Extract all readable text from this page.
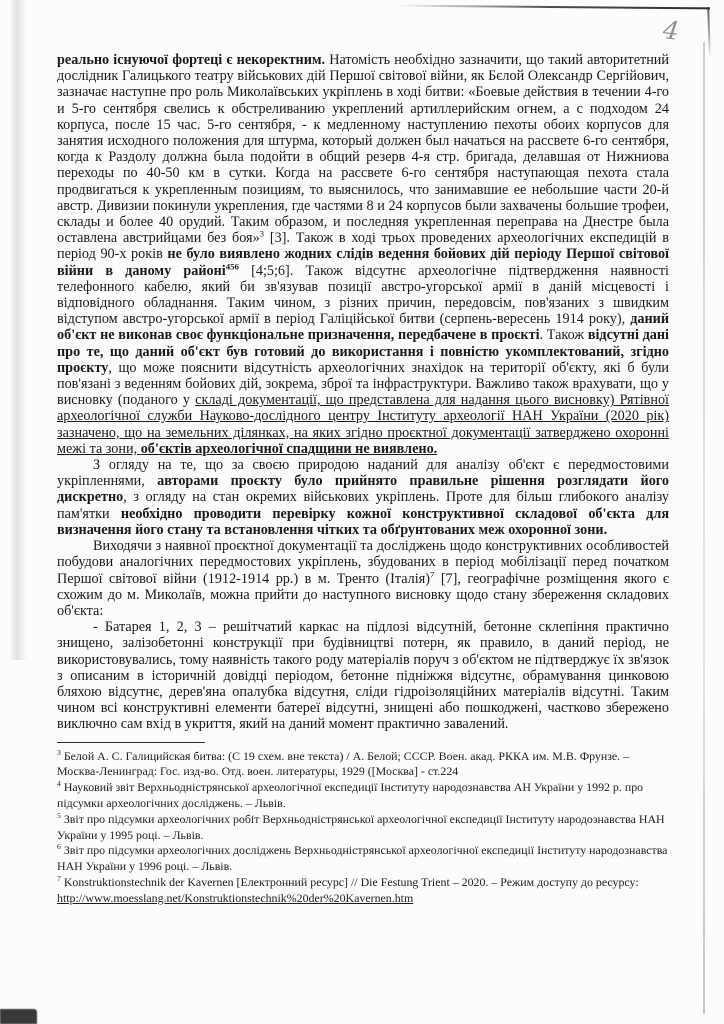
4

реально існуючої фортеці є некоректним. Натомість необхідно зазначити, що такий авторитетний дослідник Галицького театру військових дій Першої світової війни, як Бєлой Олександр Сергійович, зазначає наступне про роль Миколаївських укріплень в ході битви: «Боевые действия в течении 4-го и 5-го сентября свелись к обстреливанию укреплений артиллерийским огнем, а с подходом 24 корпуса, после 15 час. 5-го сентября, - к медленному наступлению пехоты обоих корпусов для занятия исходного положения для штурма, который должен был начаться на рассвете 6-го сентября, когда к Раздолу должна была подойти в общий резерв 4-я стр. бригада, делавшая от Нижниова переходы по 40-50 км в сутки. Когда на рассвете 6-го сентября наступающая пехота стала продвигаться к укрепленным позициям, то выяснилось, что занимавшие ее небольшие части 20-й австр. Дивизии покинули укрепления, где частями 8 и 24 корпусов были захвачены большие трофеи, склады и более 40 орудий. Таким образом, и последняя укрепленная переправа на Днестре была оставлена австрийцами без боя»$^3$ [3]. Також в ході трьох проведених археологічних експедицій в період 90-х років не було виявлено жодних слідів ведення бойових дій періоду Першої світової війни в даному районі$^{456}$ [4;5;6]. Також відсутнє археологічне підтвердження наявності телефонного кабелю, який би зв'язував позиції австро-угорської армії в даній місцевості і відповідного обладнання. Таким чином, з різних причин, передовсім, пов'язаних з швидким відступом австро-угорської армії в період Галіційської битви (серпень-вересень 1914 року), даний об'єкт не виконав своє функціональне призначення, передбачене в проєкті. Також відсутні дані про те, що даний об'єкт був готовий до використання і повністю укомплектований, згідно проєкту, що може пояснити відсутність археологічних знахідок на території об'єкту, які б були пов'язані з веденням бойових дій, зокрема, зброї та інфраструктури. Важливо також врахувати, що у висновку (поданого у складі документації, що представлена для надання цього висновку) Рятівної археологічної служби Науково-дослідного центру Інституту археології НАН України (2020 рік) зазначено, що на земельних ділянках, на яких згідно проєктної документації затверджено охоронні межі та зони, об'єктів археологічної спадщини не виявлено.

З огляду на те, що за своєю природою наданий для аналізу об'єкт є передмостовими укріпленнями, авторами проєкту було прийнято правильне рішення розглядати його дискретно, з огляду на стан окремих військових укріплень. Проте для більш глибокого аналізу пам'ятки необхідно проводити перевірку кожної конструктивної складової об'єкта для визначення його стану та встановлення чітких та обґрунтованих меж охоронної зони.

Виходячи з наявної проєктної документації та досліджень щодо конструктивних особливостей побудови аналогічних передмостових укріплень, збудованих в період мобілізації перед початком Першої світової війни (1912-1914 рр.) в м. Тренто (Італія)$^7$ [7], географічне розміщення якого є схожим до м. Миколаїв, можна прийти до наступного висновку щодо стану збереження складових об'єкта:

- Батарея 1, 2, 3 – решітчатий каркас на підлозі відсутній, бетонне склепіння практично знищено, залізобетонні конструкції при будівництві потерн, як правило, в даний період, не використовувались, тому наявність такого роду матеріалів поруч з об'єктом не підтверджує їх зв'язок з описаним в історичній довідці періодом, бетонне підніжжя відсутнє, обрамування цинковою бляхою відсутнє, дерев'яна опалубка відсутня, сліди гідроізоляційних матеріалів відсутні. Таким чином всі конструктивні елементи батереї відсутні, знищені або пошкоджені, частково збережено виключно сам вхід в укриття, який на даний момент практично завалений.

$^3$ Белой А. С. Галицийская битва: (С 19 схем. вне текста) / А. Белой; СССР. Воен. акад. РККА им. М.В. Фрунзе. – Москва-Ленинград: Гос. изд-во. Отд. воен. литературы, 1929 ([Москва] - ст.224

$^4$ Науковий звіт Верхньодністрянської археологічної експедиції Інституту народознавства АН України у 1992 р. про підсумки археологічних досліджень. – Львів.

$^5$ Звіт про підсумки археологічних робіт Верхньодністрянської археологічної експедиції Інституту народознавства НАН України у 1995 році. – Львів.

$^6$ Звіт про підсумки археологічних досліджень Верхньодністрянської археологічної експедиції Інституту народознавства НАН України у 1996 році. – Львів.

$^7$ Konstruktionstechnik der Kavernen [Електронний ресурс] // Die Festung Trient – 2020. – Режим доступу до ресурсу: http://www.moesslang.net/Konstruktionstechnik%20der%20Kavernen.htm
